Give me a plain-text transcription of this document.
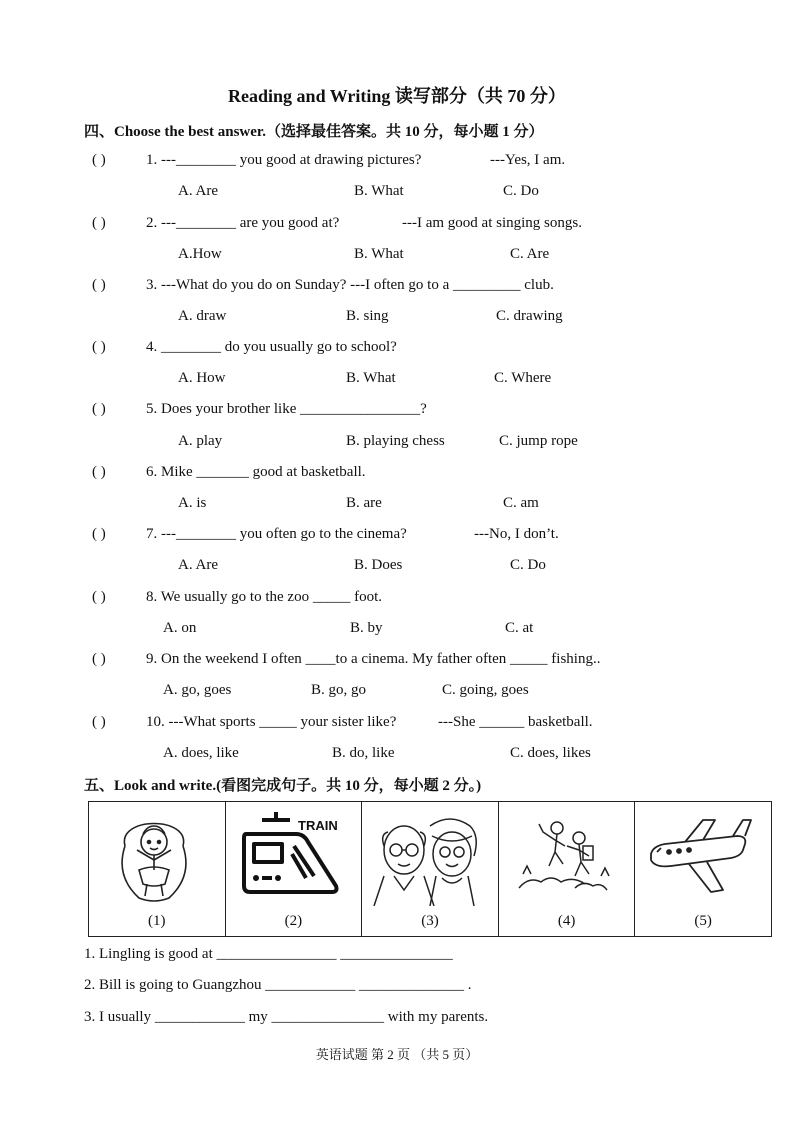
Reading and Writing 读写部分（共 70 分）
四、Choose the best answer.（选择最佳答案。共 10 分，每小题 1 分）
( )	1. ---________ you good at drawing pictures?	---Yes, I am.
A. Are	B. What	C. Do
( )	2. ---________ are you good at?	---I am good at singing songs.
A.How	B. What	C. Are
( )	3. ---What do you do on Sunday? ---I often go to a _________ club.
A. draw	B. sing	C. drawing
( )	4. ________ do you usually go to school?
A. How	B. What	C. Where
( )	5. Does your brother like ________________?
A. play	B. playing chess	C. jump rope
( )	6. Mike _______ good at basketball.
A. is	B. are	C. am
( )	7. ---________ you often go to the cinema?	---No, I don’t.
A. Are	B. Does	C. Do
( )	8. We usually go to the zoo _____ foot.
A. on	B. by	C. at
( )	9. On the weekend I often ____to a cinema. My father often _____ fishing..
A. go, goes	B. go, go	C. going, goes
( )	10. ---What sports _____ your sister like?	---She ______ basketball.
A. does, like	B. do, like	C. does, likes
五、Look and write.(看图完成句子。共 10 分，每小题 2 分。)
(1)
TRAIN
(2)	(3)	(4)	(5)
1. Lingling is good at ________________ _______________
2. Bill is going to Guangzhou ____________ ______________ .
3. I usually ____________ my _______________ with my parents.
英语试题 第 2 页 （共 5 页）
